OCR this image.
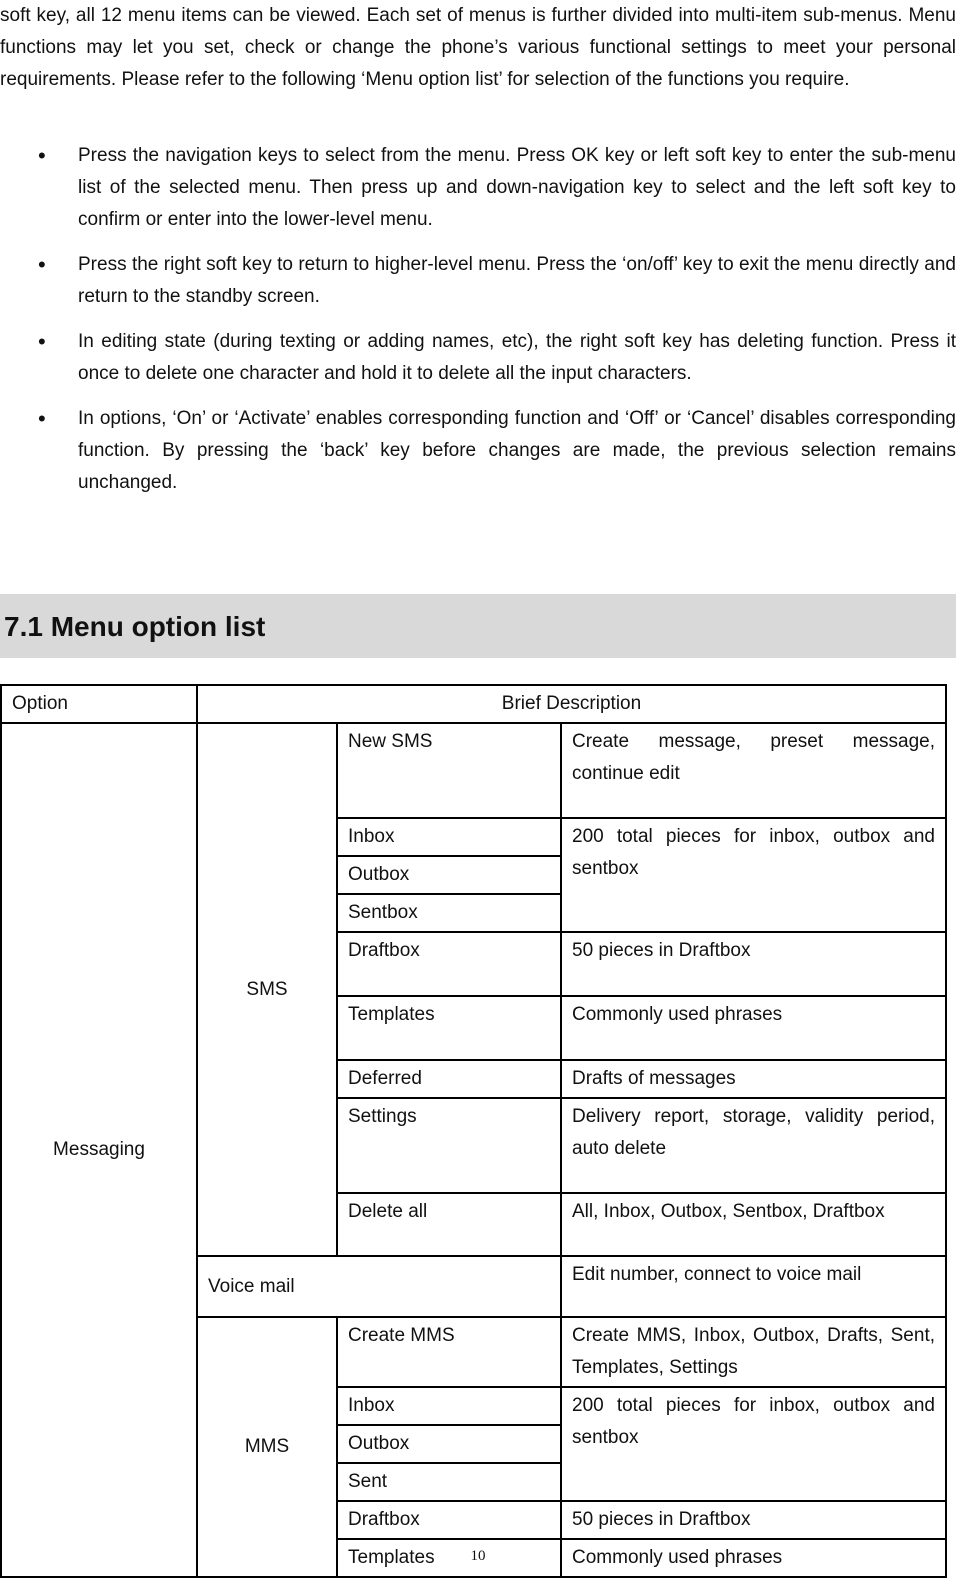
soft key, all 12 menu items can be viewed. Each set of menus is further divided into multi-item sub-menus. Menu functions may let you set, check or change the phone’s various functional settings to meet your personal requirements. Please refer to the following ‘Menu option list’ for selection of the functions you require.

• Press the navigation keys to select from the menu. Press OK key or left soft key to enter the sub-menu list of the selected menu. Then press up and down-navigation key to select and the left soft key to confirm or enter into the lower-level menu.
• Press the right soft key to return to higher-level menu. Press the ‘on/off’ key to exit the menu directly and return to the standby screen.
• In editing state (during texting or adding names, etc), the right soft key has deleting function. Press it once to delete one character and hold it to delete all the input characters.
• In options, ‘On’ or ‘Activate’ enables corresponding function and ‘Off’ or ‘Cancel’ disables corresponding function. By pressing the ‘back’ key before changes are made, the previous selection remains unchanged.
7.1 Menu option list
Option	Brief Description		
Messaging	SMS	New SMS	Create message, preset message, continue edit
		Inbox	200 total pieces for inbox, outbox and sentbox
		Outbox	
		Sentbox	
		Draftbox	50 pieces in Draftbox
		Templates	Commonly used phrases
		Deferred	Drafts of messages
		Settings	Delivery report, storage, validity period, auto delete
		Delete all	All, Inbox, Outbox, Sentbox, Draftbox
	Voice mail		Edit number, connect to voice mail
	MMS	Create MMS	Create MMS, Inbox, Outbox, Drafts, Sent, Templates, Settings
		Inbox	200 total pieces for inbox, outbox and sentbox
		Outbox	
		Sent	
		Draftbox	50 pieces in Draftbox
		Templates	Commonly used phrases
10
